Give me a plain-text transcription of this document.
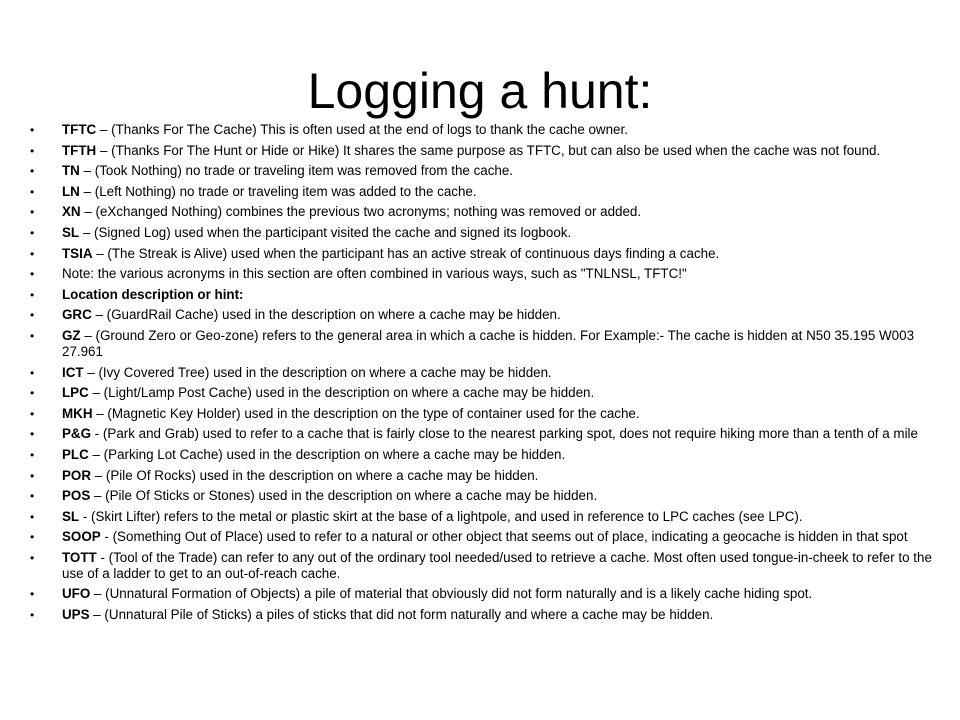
Logging a hunt:
• TFTC – (Thanks For The Cache) This is often used at the end of logs to thank the cache owner.
• TFTH – (Thanks For The Hunt or Hide or Hike) It shares the same purpose as TFTC, but can also be used when the cache was not found.
• TN – (Took Nothing) no trade or traveling item was removed from the cache.
• LN – (Left Nothing) no trade or traveling item was added to the cache.
• XN – (eXchanged Nothing) combines the previous two acronyms; nothing was removed or added.
• SL – (Signed Log) used when the participant visited the cache and signed its logbook.
• TSIA – (The Streak is Alive) used when the participant has an active streak of continuous days finding a cache.
• Note: the various acronyms in this section are often combined in various ways, such as "TNLNSL, TFTC!"
• Location description or hint:
• GRC – (GuardRail Cache) used in the description on where a cache may be hidden.
• GZ – (Ground Zero or Geo-zone) refers to the general area in which a cache is hidden. For Example:- The cache is hidden at N50 35.195 W003 27.961
• ICT – (Ivy Covered Tree) used in the description on where a cache may be hidden.
• LPC – (Light/Lamp Post Cache) used in the description on where a cache may be hidden.
• MKH – (Magnetic Key Holder) used in the description on the type of container used for the cache.
• P&G - (Park and Grab) used to refer to a cache that is fairly close to the nearest parking spot, does not require hiking more than a tenth of a mile
• PLC – (Parking Lot Cache) used in the description on where a cache may be hidden.
• POR – (Pile Of Rocks) used in the description on where a cache may be hidden.
• POS – (Pile Of Sticks or Stones) used in the description on where a cache may be hidden.
• SL - (Skirt Lifter) refers to the metal or plastic skirt at the base of a lightpole, and used in reference to LPC caches (see LPC).
• SOOP - (Something Out of Place) used to refer to a natural or other object that seems out of place, indicating a geocache is hidden in that spot
• TOTT - (Tool of the Trade) can refer to any out of the ordinary tool needed/used to retrieve a cache. Most often used tongue-in-cheek to refer to the use of a ladder to get to an out-of-reach cache.
• UFO – (Unnatural Formation of Objects) a pile of material that obviously did not form naturally and is a likely cache hiding spot.
• UPS – (Unnatural Pile of Sticks) a piles of sticks that did not form naturally and where a cache may be hidden.
